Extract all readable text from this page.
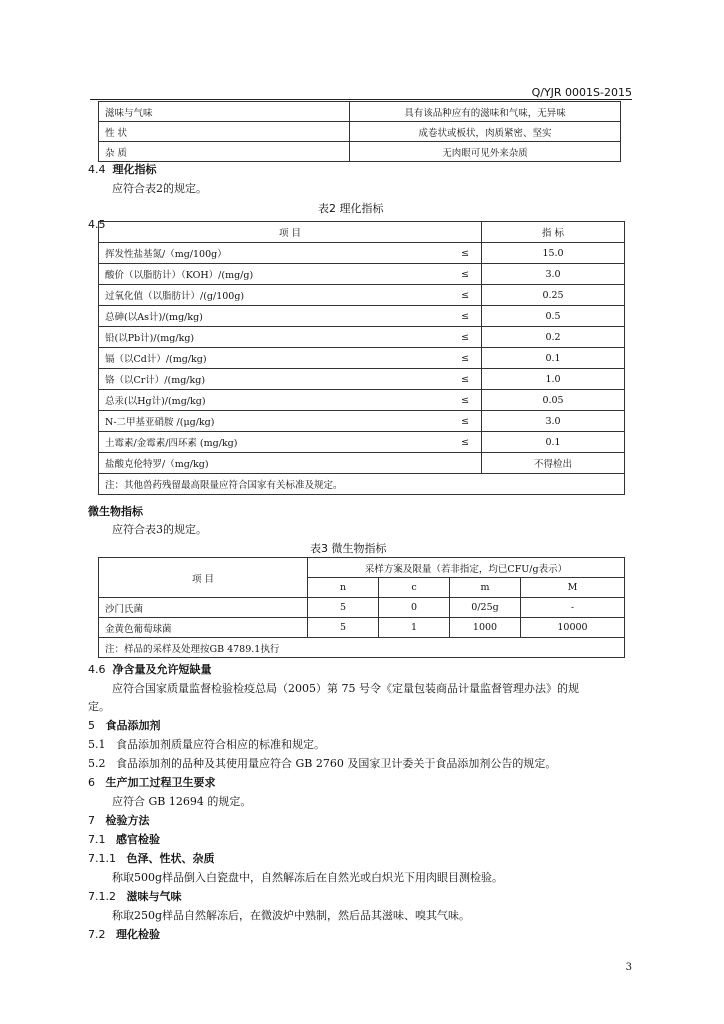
Q/YJR 0001S-2015
滋味与气味	具有该品种应有的滋味和气味，无异味
性 状	成卷状或板状，肉质紧密、坚实
杂 质	无肉眼可见外来杂质
4.4 理化指标
应符合表2的规定。
表2 理化指标
4.5
项 目		指 标
挥发性盐基氮/（mg/100g）	≤	15.0
酸价（以脂肪计）（KOH）/(mg/g)	≤	3.0
过氧化值（以脂肪计）/(g/100g)	≤	0.25
总砷(以As计)/(mg/kg)	≤	0.5
铅(以Pb计)/(mg/kg)	≤	0.2
镉（以Cd计）/(mg/kg)	≤	0.1
铬（以Cr计）/(mg/kg)	≤	1.0
总汞(以Hg计)/(mg/kg)	≤	0.05
N-二甲基亚硝胺 /(μg/kg)	≤	3.0
土霉素/金霉素/四环素 (mg/kg)	≤	0.1
盐酸克伦特罗/（mg/kg)		不得检出
注：其他兽药残留最高限量应符合国家有关标准及规定。		
微生物指标
应符合表3的规定。
表3 微生物指标
项 目	采样方案及限量（若非指定，均已CFU/g表示）			
	n	c	m	M
沙门氏菌	5	0	0/25g	-
金黄色葡萄球菌	5	1	1000	10000
注：样品的采样及处理按GB 4789.1执行				
4.6 净含量及允许短缺量
应符合国家质量监督检验检疫总局（2005）第 75 号令《定量包装商品计量监督管理办法》的规
定。
5 食品添加剂
5.1 食品添加剂质量应符合相应的标准和规定。
5.2 食品添加剂的品种及其使用量应符合 GB 2760 及国家卫计委关于食品添加剂公告的规定。
6 生产加工过程卫生要求
应符合 GB 12694 的规定。
7 检验方法
7.1 感官检验
7.1.1 色泽、性状、杂质
称取500g样品倒入白瓷盘中，自然解冻后在自然光或白炽光下用肉眼目测检验。
7.1.2 滋味与气味
称取250g样品自然解冻后，在微波炉中熟制，然后品其滋味、嗅其气味。
7.2 理化检验
3
